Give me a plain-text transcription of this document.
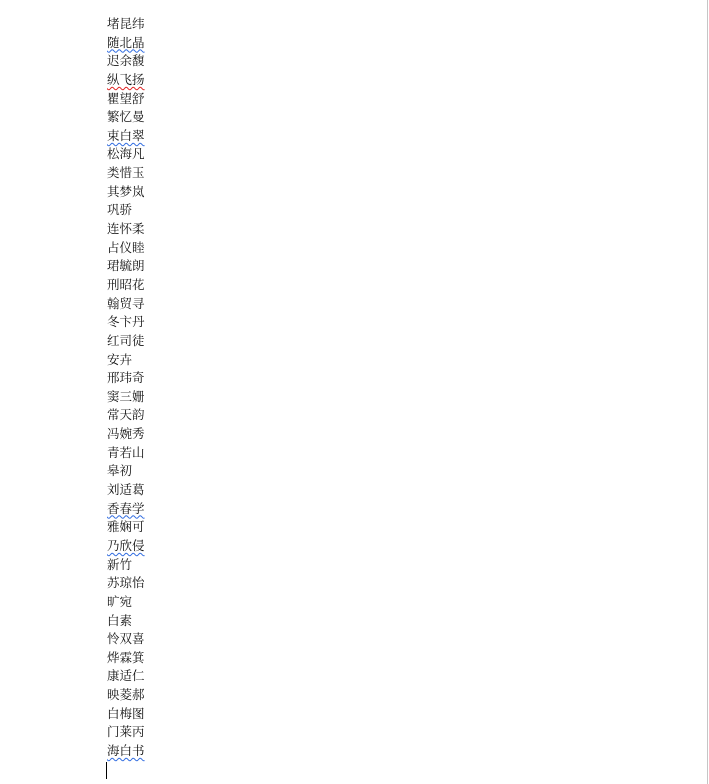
堵昆纬
随北晶
迟余馥
纵飞扬
瞿望舒
繁忆曼
束白翠
松海凡
类惜玉
其梦岚
巩骄
连怀柔
占仪睦
珺毓朗
刑昭花
翰贸寻
冬卞丹
红司徒
安卉
邢玮奇
窦三姗
常天韵
冯婉秀
青若山
皋初
刘适葛
香春学
雅娴可
乃欣侵
新竹
苏琼怡
旷宛
白素
怜双喜
烨霖箕
康适仁
映菱郝
白梅图
门莱丙
海白书
